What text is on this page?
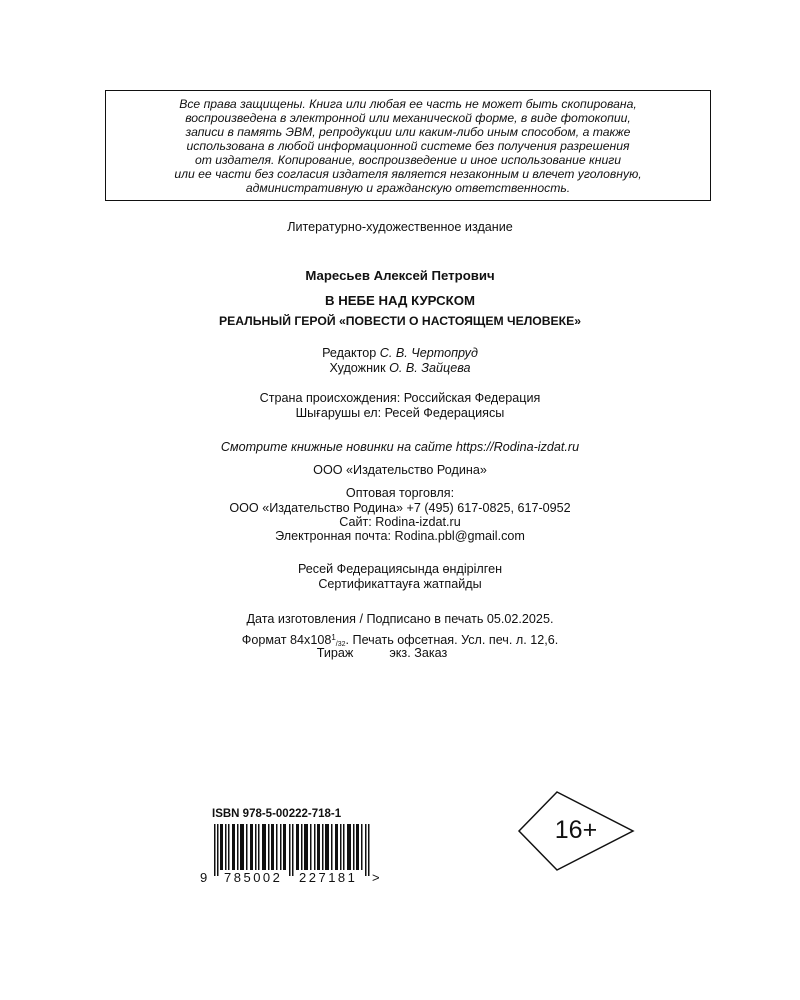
Все права защищены. Книга или любая ее часть не может быть скопирована,
воспроизведена в электронной или механической форме, в виде фотокопии,
записи в память ЭВМ, репродукции или каким-либо иным способом, а также
использована в любой информационной системе без получения разрешения
от издателя. Копирование, воспроизведение и иное использование книги
или ее части без согласия издателя является незаконным и влечет уголовную,
административную и гражданскую ответственность.
Литературно-художественное издание
Маресьев Алексей Петрович
В НЕБЕ НАД КУРСКОМ
РЕАЛЬНЫЙ ГЕРОЙ «ПОВЕСТИ О НАСТОЯЩЕМ ЧЕЛОВЕКЕ»
Редактор С. В. Чертопруд
Художник О. В. Зайцева
Страна происхождения: Российская Федерация
Шығарушы ел: Ресей Федерациясы
Смотрите книжные новинки на сайте https://Rodina-izdat.ru
ООО «Издательство Родина»
Оптовая торговля:
ООО «Издательство Родина» +7 (495) 617-0825, 617-0952
Сайт: Rodina-izdat.ru
Электронная почта: Rodina.pbl@gmail.com
Ресей Федерациясында өндірілген
Сертификаттауға жатпайды
Дата изготовления / Подписано в печать 05.02.2025.
Формат $84x108^1/32$. Печать офсетная. Усл. печ. л. 12,6.
Тираж	экз. Заказ
ISBN 978-5-00222-718-1
9 785002 227181 >
16+
